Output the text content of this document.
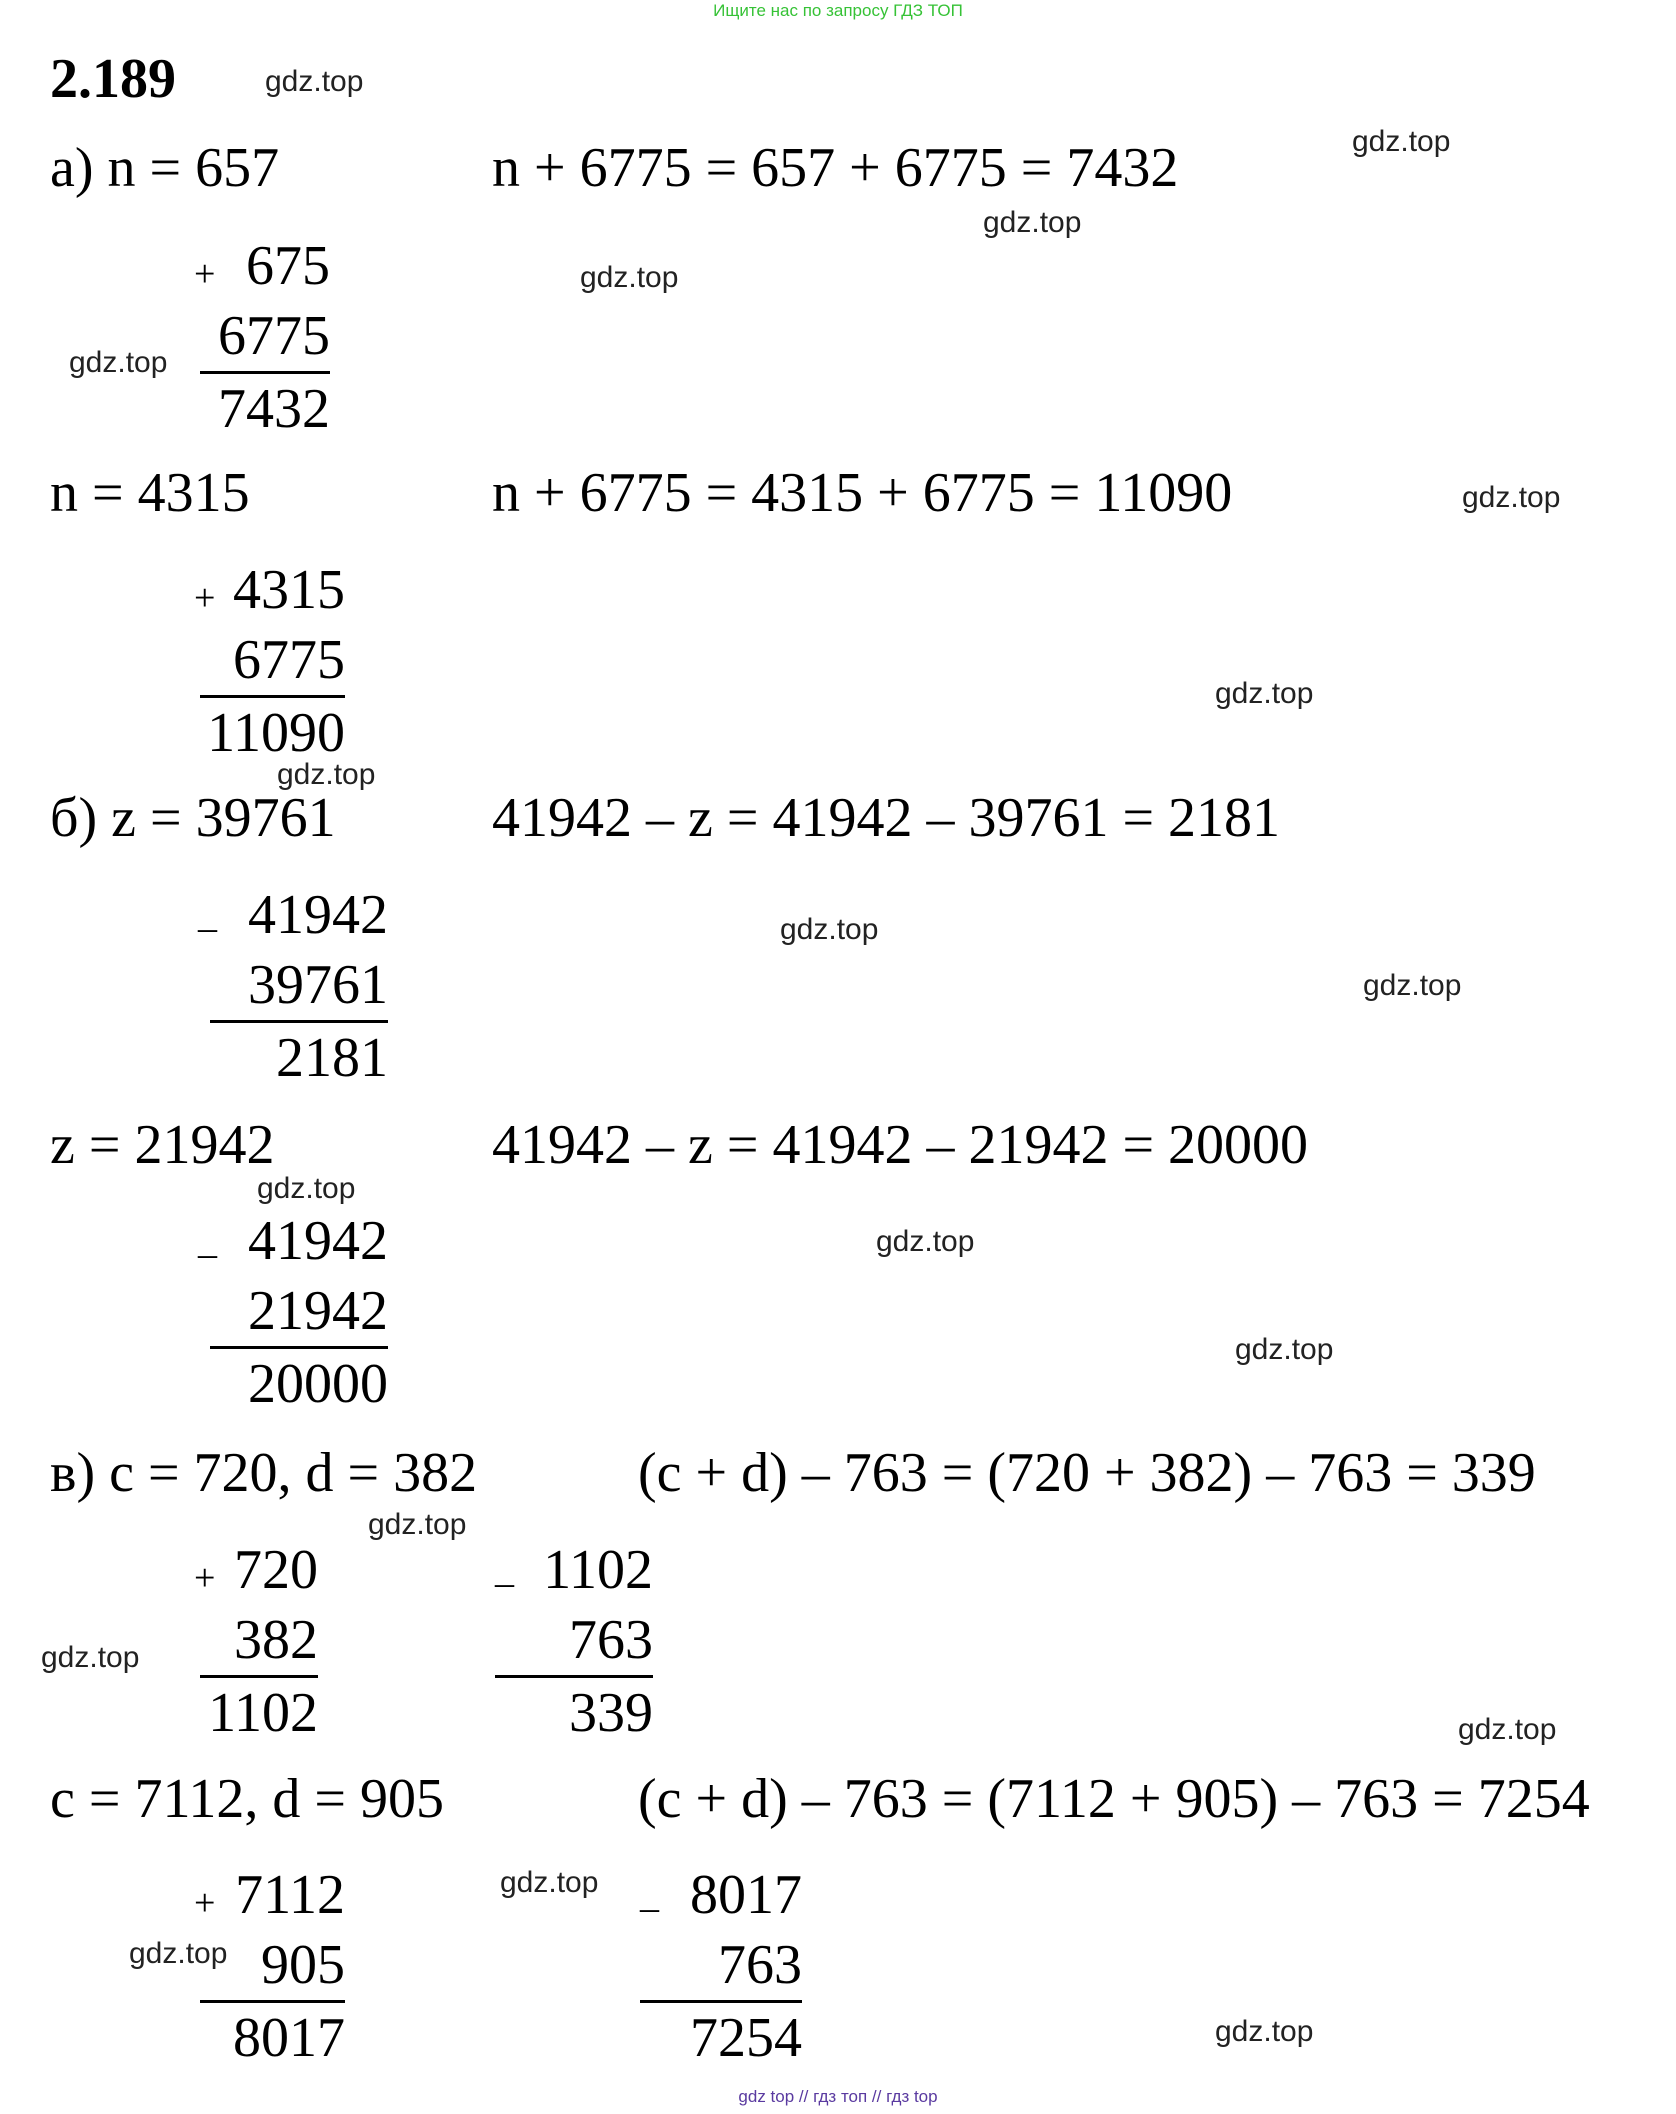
Ищите нас по запросу ГДЗ ТОП
2.189
а) n = 657	n + 6775 = 657 + 6775 = 7432
+ 675
6775
7432
n = 4315	n + 6775 = 4315 + 6775 = 11090
+ 4315
6775
11090
б) z = 39761	41942 – z = 41942 – 39761 = 2181
_ 41942
39761
2181
z = 21942	41942 – z = 41942 – 21942 = 20000
_ 41942
21942
20000
в) c = 720, d = 382	(c + d) – 763 = (720 + 382) – 763 = 339
+ 720
382
1102
_ 1102
763
339
c = 7112, d = 905	(c + d) – 763 = (7112 + 905) – 763 = 7254
+ 7112
905
8017
_ 8017
763
7254
gdz.top
gdz.top
gdz.top
gdz.top
gdz.top
gdz.top
gdz.top
gdz.top
gdz.top
gdz.top
gdz.top
gdz.top
gdz.top
gdz.top
gdz.top
gdz.top
gdz.top
gdz.top
gdz.top
gdz top // гдз топ // гдз top
